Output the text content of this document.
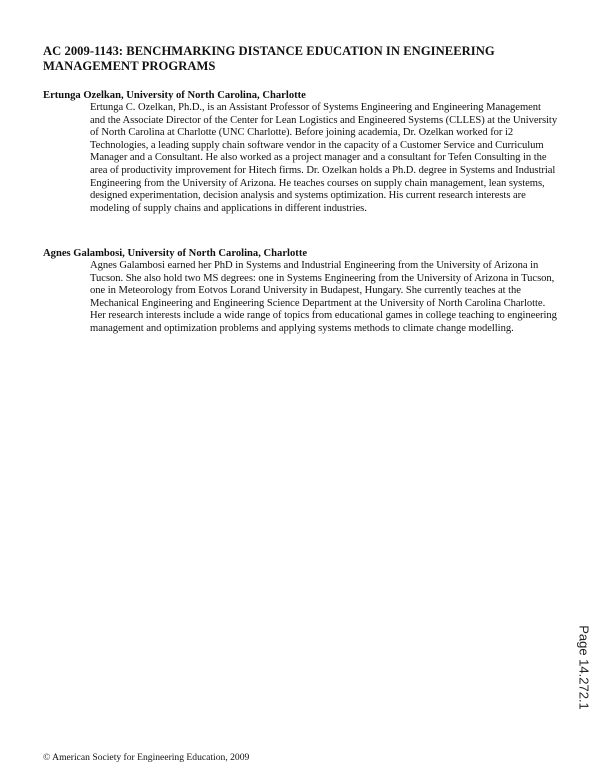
AC 2009-1143: BENCHMARKING DISTANCE EDUCATION IN ENGINEERING MANAGEMENT PROGRAMS

Ertunga Ozelkan, University of North Carolina, Charlotte

Ertunga C. Ozelkan, Ph.D., is an Assistant Professor of Systems Engineering and Engineering Management and the Associate Director of the Center for Lean Logistics and Engineered Systems (CLLES) at the University of North Carolina at Charlotte (UNC Charlotte). Before joining academia, Dr. Ozelkan worked for i2 Technologies, a leading supply chain software vendor in the capacity of a Customer Service and Curriculum Manager and a Consultant. He also worked as a project manager and a consultant for Tefen Consulting in the area of productivity improvement for Hitech firms. Dr. Ozelkan holds a Ph.D. degree in Systems and Industrial Engineering from the University of Arizona. He teaches courses on supply chain management, lean systems, designed experimentation, decision analysis and systems optimization. His current research interests are modeling of supply chains and applications in different industries.

Agnes Galambosi, University of North Carolina, Charlotte

Agnes Galambosi earned her PhD in Systems and Industrial Engineering from the University of Arizona in Tucson. She also hold two MS degrees: one in Systems Engineering from the University of Arizona in Tucson, one in Meteorology from Eotvos Lorand University in Budapest, Hungary. She currently teaches at the Mechanical Engineering and Engineering Science Department at the University of North Carolina Charlotte. Her research interests include a wide range of topics from educational games in college teaching to engineering management and optimization problems and applying systems methods to climate change modelling.

Page 14.272.1
© American Society for Engineering Education, 2009
